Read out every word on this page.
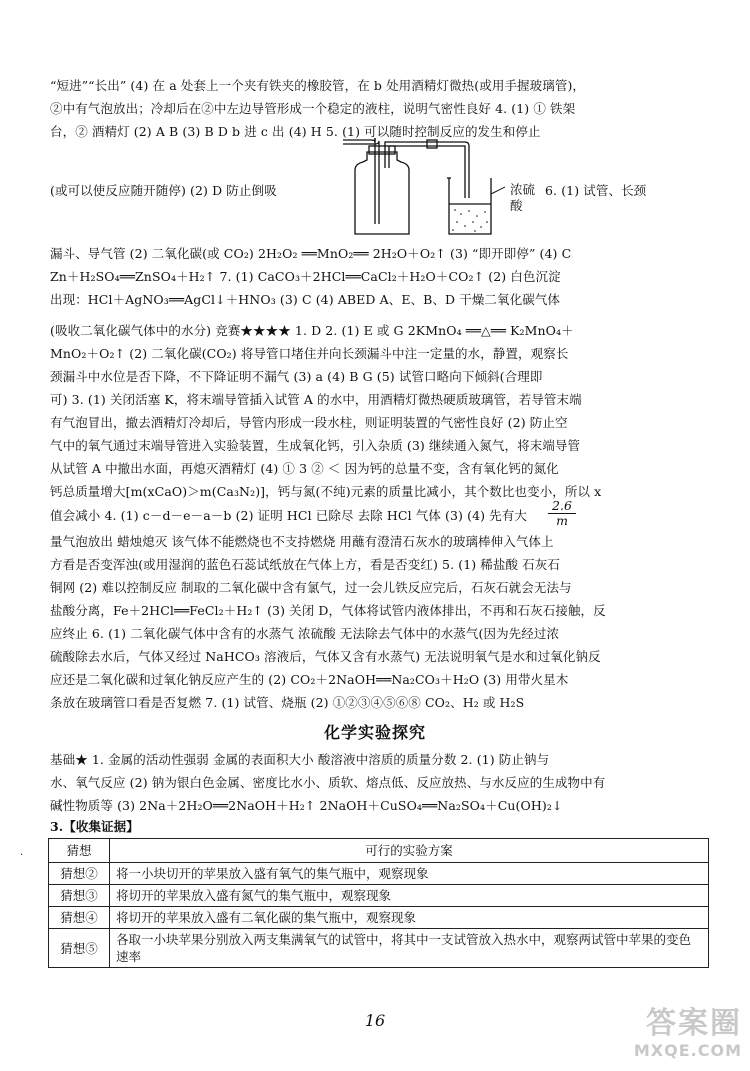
“短进”“长出” (4) 在 a 处套上一个夹有铁夹的橡胶管，在 b 处用酒精灯微热(或用手握玻璃管)，
②中有气泡放出；冷却后在②中左边导管形成一个稳定的液柱，说明气密性良好 4. (1) ① 铁架
台，② 酒精灯 (2) A B (3) B D b 进 c 出 (4) H 5. (1) 可以随时控制反应的发生和停止
浓硫酸
(或可以使反应随开随停) (2) D 防止倒吸	6. (1) 试管、长颈
漏斗、导气管 (2) 二氧化碳(或 CO₂) 2H₂O₂ ══MnO₂══ 2H₂O＋O₂↑ (3) “即开即停” (4) C
Zn＋H₂SO₄══ZnSO₄＋H₂↑ 7. (1) CaCO₃＋2HCl══CaCl₂＋H₂O＋CO₂↑ (2) 白色沉淀
出现：HCl＋AgNO₃══AgCl↓＋HNO₃ (3) C (4) ABED A、E、B、D 干燥二氧化碳气体
(吸收二氧化碳气体中的水分) 竞赛★★★★ 1. D 2. (1) E 或 G 2KMnO₄ ══△══ K₂MnO₄＋
MnO₂＋O₂↑ (2) 二氧化碳(CO₂) 将导管口堵住并向长颈漏斗中注一定量的水，静置，观察长
颈漏斗中水位是否下降，不下降证明不漏气 (3) a (4) B G (5) 试管口略向下倾斜(合理即
可) 3. (1) 关闭活塞 K，将末端导管插入试管 A 的水中，用酒精灯微热硬质玻璃管，若导管末端
有气泡冒出，撤去酒精灯冷却后，导管内形成一段水柱，则证明装置的气密性良好 (2) 防止空
气中的氧气通过末端导管进入实验装置，生成氧化钙，引入杂质 (3) 继续通入氮气，将末端导管
从试管 A 中撤出水面，再熄灭酒精灯 (4) ① 3 ② ＜ 因为钙的总量不变，含有氧化钙的氮化
钙总质量增大[m(xCaO)＞m(Ca₃N₂)]，钙与氮(不纯)元素的质量比减小，其个数比也变小，所以 x
值会减小 4. (1) c－d－e－a－b (2) 证明 HCl 已除尽 去除 HCl 气体 (3) (4) 先有大	$\frac{2.6}{m}$
量气泡放出 蜡烛熄灭 该气体不能燃烧也不支持燃烧 用蘸有澄清石灰水的玻璃棒伸入气体上
方看是否变浑浊(或用湿润的蓝色石蕊试纸放在气体上方，看是否变红) 5. (1) 稀盐酸 石灰石
铜网 (2) 难以控制反应 制取的二氧化碳中含有氯气，过一会儿铁反应完后，石灰石就会无法与
盐酸分离，Fe＋2HCl══FeCl₂＋H₂↑ (3) 关闭 D，气体将试管内液体排出，不再和石灰石接触，反
应终止 6. (1) 二氧化碳气体中含有的水蒸气 浓硫酸 无法除去气体中的水蒸气(因为先经过浓
硫酸除去水后，气体又经过 NaHCO₃ 溶液后，气体又含有水蒸气) 无法说明氧气是水和过氧化钠反
应还是二氧化碳和过氧化钠反应产生的 (2) CO₂＋2NaOH══Na₂CO₃＋H₂O (3) 用带火星木
条放在玻璃管口看是否复燃 7. (1) 试管、烧瓶 (2) ①②③④⑤⑥⑧ CO₂、H₂ 或 H₂S
化学实验探究
基础★ 1. 金属的活动性强弱 金属的表面积大小 酸溶液中溶质的质量分数 2. (1) 防止钠与
水、氧气反应 (2) 钠为银白色金属、密度比水小、质软、熔点低、反应放热、与水反应的生成物中有
碱性物质等 (3) 2Na＋2H₂O══2NaOH＋H₂↑ 2NaOH＋CuSO₄══Na₂SO₄＋Cu(OH)₂↓
3.【收集证据】
·	猜想	可行的实验方案
猜想②	将一小块切开的苹果放入盛有氧气的集气瓶中，观察现象
猜想③	将切开的苹果放入盛有氮气的集气瓶中，观察现象
猜想④	将切开的苹果放入盛有二氧化碳的集气瓶中，观察现象
猜想⑤	各取一小块苹果分别放入两支集满氧气的试管中，将其中一支试管放入热水中，观察两试管中苹果的变色速率
16	答案圈
MXQE.COM
